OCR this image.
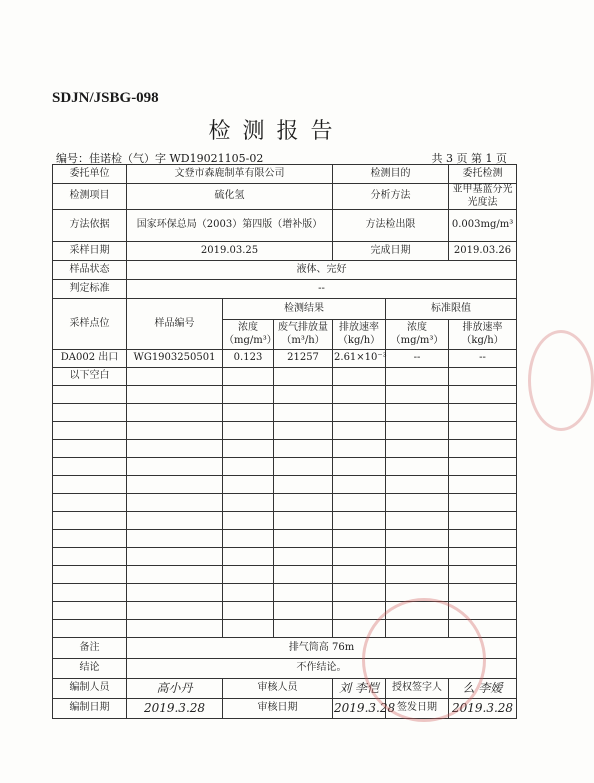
SDJN/JSBG-098
检测报告
编号：佳诺检（气）字 WD19021105-02	共 3 页 第 1 页
委托单位	文登市森鹿制革有限公司			检测目的		委托检测
检测项目	硫化氢			分析方法		亚甲基蓝分光光度法
方法依据	国家环保总局（2003）第四版（增补版）			方法检出限		0.003mg/m³
采样日期	2019.03.25			完成日期		2019.03.26
样品状态	液体、完好					
判定标准	--					
采样点位	样品编号	检测结果			标准限值	
		浓度（mg/m³）	废气排放量（m³/h）	排放速率（kg/h）	浓度（mg/m³）	排放速率（kg/h）
DA002 出口	WG1903250501	0.123	21257	2.61×10⁻³	--	--
以下空白						

备注	排气筒高 76m					
结论	不作结论。					
编制人员	高小丹	审核人员		刘 李恺	授权签字人	么 李嫒
编制日期	2019.3.28	审核日期		2019.3.28	签发日期	2019.3.28
